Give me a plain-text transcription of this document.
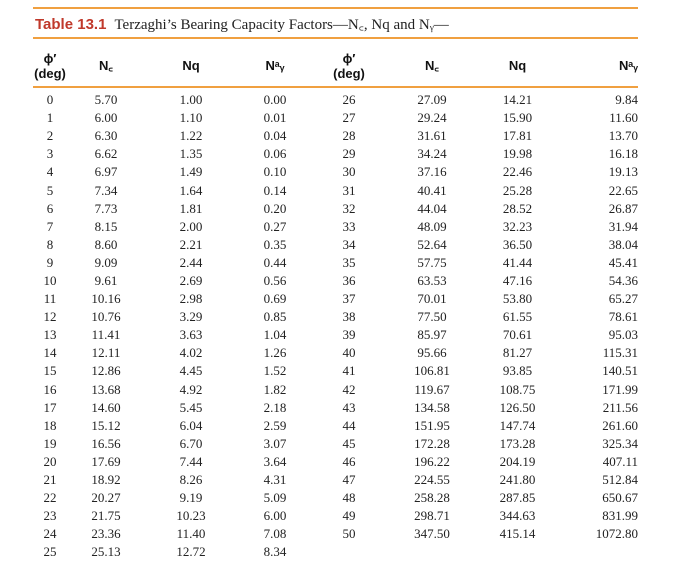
Table 13.1 Terzaghi’s Bearing Capacity Factors—N꜀, Nq and Nᵧ—
ϕ′
(deg)	N꜀	Nq	Nᵃᵧ	ϕ′
(deg)	N꜀	Nq	Nᵃᵧ
0	5.70	1.00	0.00	26	27.09	14.21	9.84
1	6.00	1.10	0.01	27	29.24	15.90	11.60
2	6.30	1.22	0.04	28	31.61	17.81	13.70
3	6.62	1.35	0.06	29	34.24	19.98	16.18
4	6.97	1.49	0.10	30	37.16	22.46	19.13
5	7.34	1.64	0.14	31	40.41	25.28	22.65
6	7.73	1.81	0.20	32	44.04	28.52	26.87
7	8.15	2.00	0.27	33	48.09	32.23	31.94
8	8.60	2.21	0.35	34	52.64	36.50	38.04
9	9.09	2.44	0.44	35	57.75	41.44	45.41
10	9.61	2.69	0.56	36	63.53	47.16	54.36
11	10.16	2.98	0.69	37	70.01	53.80	65.27
12	10.76	3.29	0.85	38	77.50	61.55	78.61
13	11.41	3.63	1.04	39	85.97	70.61	95.03
14	12.11	4.02	1.26	40	95.66	81.27	115.31
15	12.86	4.45	1.52	41	106.81	93.85	140.51
16	13.68	4.92	1.82	42	119.67	108.75	171.99
17	14.60	5.45	2.18	43	134.58	126.50	211.56
18	15.12	6.04	2.59	44	151.95	147.74	261.60
19	16.56	6.70	3.07	45	172.28	173.28	325.34
20	17.69	7.44	3.64	46	196.22	204.19	407.11
21	18.92	8.26	4.31	47	224.55	241.80	512.84
22	20.27	9.19	5.09	48	258.28	287.85	650.67
23	21.75	10.23	6.00	49	298.71	344.63	831.99
24	23.36	11.40	7.08	50	347.50	415.14	1072.80
25	25.13	12.72	8.34				
